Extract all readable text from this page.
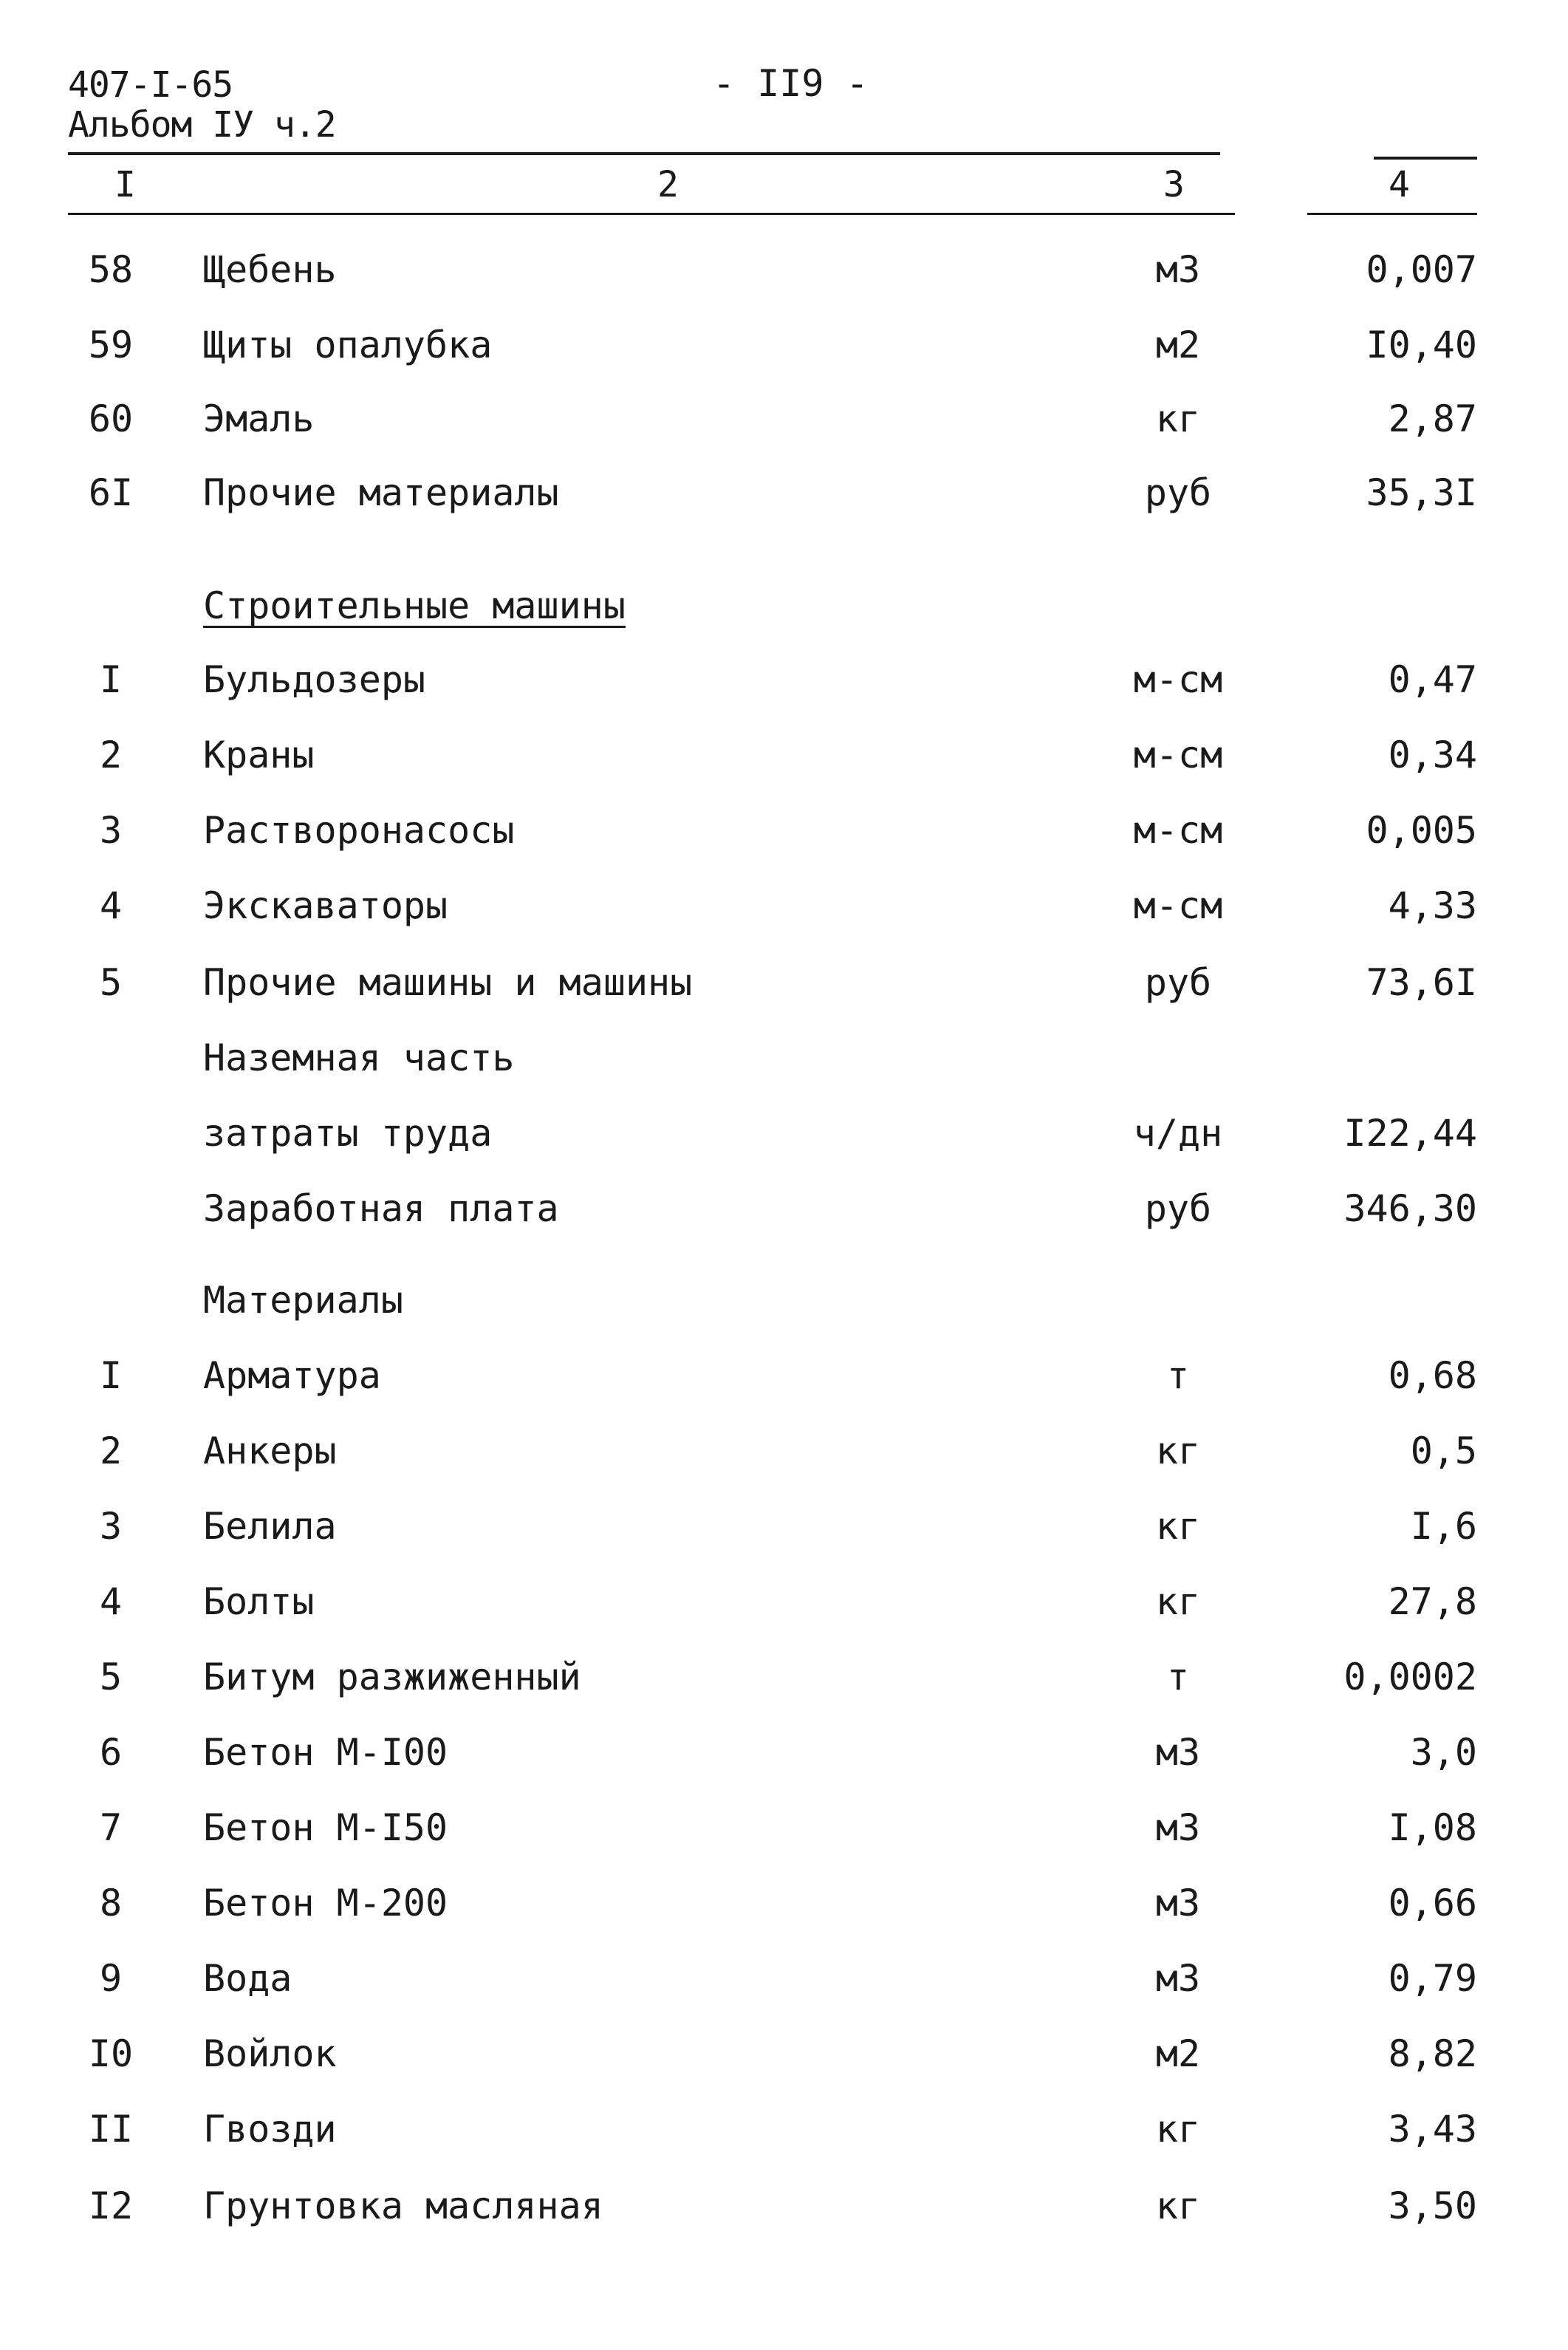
407-I-65
Альбом IУ ч.2
- II9 -
I	2	3	4
58	Щебень	м3	0,007
59	Щиты опалубка	м2	I0,40
60	Эмаль	кг	2,87
6I	Прочие материалы	руб	35,3I
Строительные машины
I	Бульдозеры	м-см	0,47
2	Краны	м-см	0,34
3	Растворонасосы	м-см	0,005
4	Экскаваторы	м-см	4,33
5	Прочие машины и машины	руб	73,6I
Наземная часть
затраты труда	ч/дн	I22,44
Заработная плата	руб	346,30
Материалы
I	Арматура	т	0,68
2	Анкеры	кг	0,5
3	Белила	кг	I,6
4	Болты	кг	27,8
5	Битум разжиженный	т	0,0002
6	Бетон М-I00	м3	3,0
7	Бетон М-I50	м3	I,08
8	Бетон М-200	м3	0,66
9	Вода	м3	0,79
I0	Войлок	м2	8,82
II	Гвозди	кг	3,43
I2	Грунтовка масляная	кг	3,50
